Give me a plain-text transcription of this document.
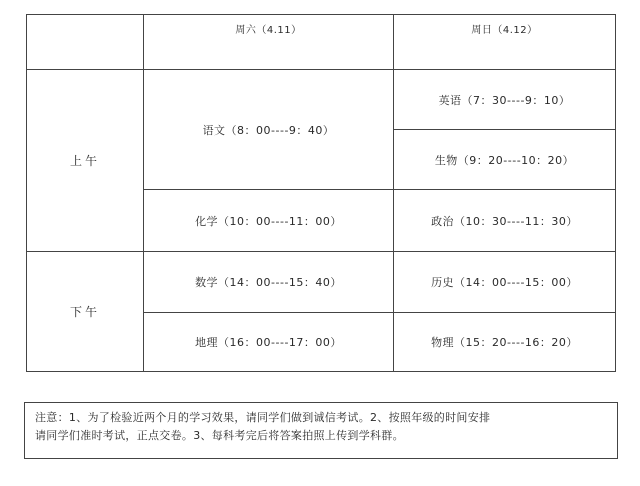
周六（4.11）	周日（4.12）
上午
下午
语文（8：00----9：40）
化学（10：00----11：00）
数学（14：00----15：40）
地理（16：00----17：00）
英语（7：30----9：10）
生物（9：20----10：20）
政治（10：30----11：30）
历史（14：00----15：00）
物理（15：20----16：20）
注意：1、为了检验近两个月的学习效果，请同学们做到诚信考试。2、按照年级的时间安排
请同学们准时考试，正点交卷。3、每科考完后将答案拍照上传到学科群。
